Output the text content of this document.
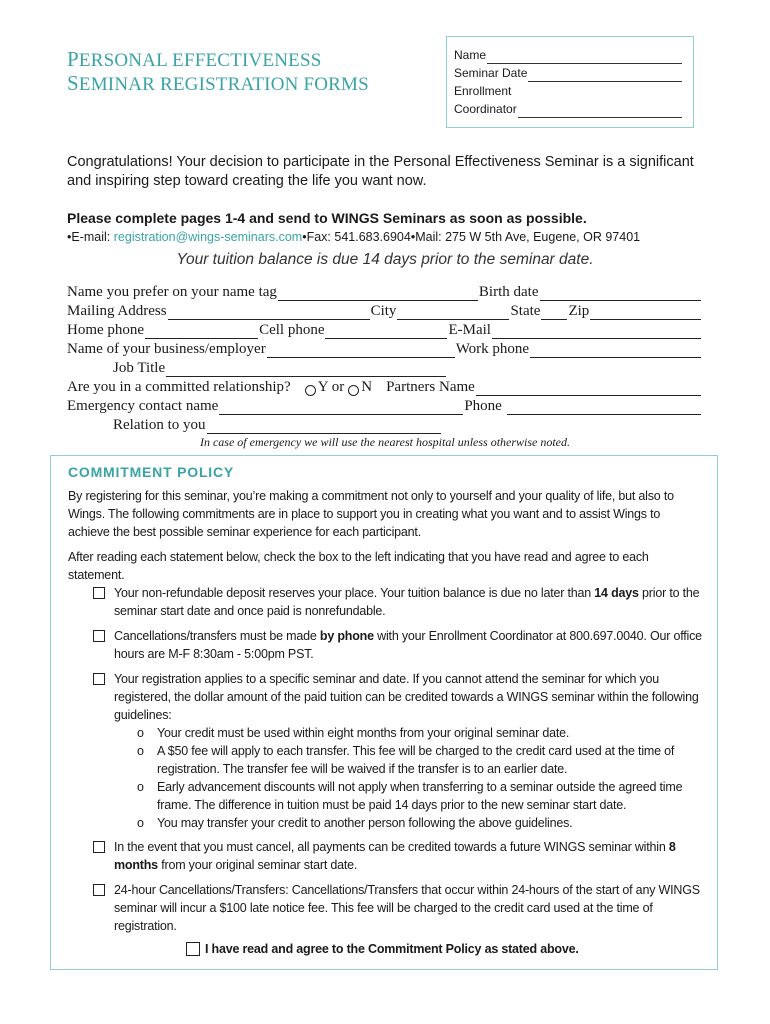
PERSONAL EFFECTIVENESS
SEMINAR REGISTRATION FORMS
Name
Seminar Date
Enrollment
Coordinator
Congratulations! Your decision to participate in the Personal Effectiveness Seminar is a significant and inspiring step toward creating the life you want now.
Please complete pages 1-4 and send to WINGS Seminars as soon as possible.
•E-mail: registration@wings-seminars.com•Fax: 541.683.6904•Mail: 275 W 5th Ave, Eugene, OR 97401
Your tuition balance is due 14 days prior to the seminar date.
Name you prefer on your name tag	Birth date
Mailing Address	City	State Zip
Home phone	Cell phone	E-Mail
Name of your business/employer	Work phone
Job Title
Are you in a committed relationship? Y or N Partners Name
Emergency contact name	Phone
Relation to you
In case of emergency we will use the nearest hospital unless otherwise noted.
COMMITMENT POLICY
By registering for this seminar, you’re making a commitment not only to yourself and your quality of life, but also to Wings. The following commitments are in place to support you in creating what you want and to assist Wings to achieve the best possible seminar experience for each participant.
After reading each statement below, check the box to the left indicating that you have read and agree to each statement.
Your non-refundable deposit reserves your place. Your tuition balance is due no later than 14 days prior to the seminar start date and once paid is nonrefundable.
Cancellations/transfers must be made by phone with your Enrollment Coordinator at 800.697.0040. Our office hours are M-F 8:30am - 5:00pm PST.
Your registration applies to a specific seminar and date. If you cannot attend the seminar for which you registered, the dollar amount of the paid tuition can be credited towards a WINGS seminar within the following guidelines:
o Your credit must be used within eight months from your original seminar date.
o A $50 fee will apply to each transfer. This fee will be charged to the credit card used at the time of registration. The transfer fee will be waived if the transfer is to an earlier date.
o Early advancement discounts will not apply when transferring to a seminar outside the agreed time frame. The difference in tuition must be paid 14 days prior to the new seminar start date.
o You may transfer your credit to another person following the above guidelines.
In the event that you must cancel, all payments can be credited towards a future WINGS seminar within 8 months from your original seminar start date.
24-hour Cancellations/Transfers: Cancellations/Transfers that occur within 24-hours of the start of any WINGS seminar will incur a $100 late notice fee. This fee will be charged to the credit card used at the time of registration.
I have read and agree to the Commitment Policy as stated above.
